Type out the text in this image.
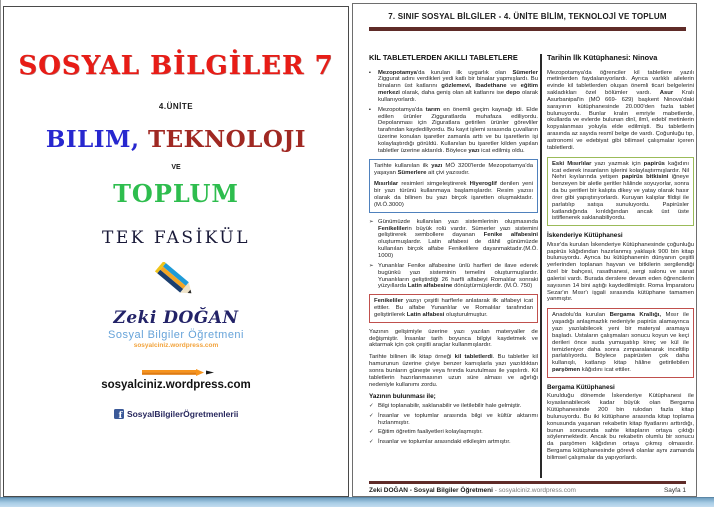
SOSYAL BİLGİLER 7
4.ÜNİTE
BILIM, TEKNOLOJI
VE
TOPLUM
TEK FASİKÜL
Zeki DOĞAN
Sosyal Bilgiler Öğretmeni
sosyalciniz.wordpress.com
sosyalciniz.wordpress.com
f SosyalBilgilerÖgretmenlerii
7. SINIF SOSYAL BİLGİLER - 4. ÜNİTE BİLİM, TEKNOLOJİ VE TOPLUM
KİL TABLETLERDEN AKILLI TABLETLERE
▪	Mezopotamya'da kurulan ilk uygarlık olan Sümerler Ziggurat adını verdikleri yedi katlı bir binalar yapmışlardı. Bu binaların üst katlarını gözlemevi, ibadethane ve eğitim merkezi olarak, daha geniş olan alt katlarını ise depo olarak kullanıyorlardı.
▪	Mezopotamya'da tarım en önemli geçim kaynağı idi. Elde edilen ürünler Zigguratlarda muhafaza ediliyordu. Depolanması için Ziguratlara getirilen ürünler görevliler tarafından kaydediliyordu. Bu kayıt işlemi sırasında çuvalların üzerine konulan işaretler zamanla arttı ve bu işaretlerin işi kolaylaştırdığı görüldü. Kullanılan bu işaretler kilden yapılan tabletler üzerine aktarıldı. Böylece yazı icat edilmiş oldu.

Tarihte kullanılan ilk yazı MÖ 3200'lerde Mezopotamya'da yaşayan Sümerlere ait çivi yazısıdır.

Mısırlılar resimleri simgeleştirerek Hiyeroglif denilen yeni bir yazı türünü kullanmaya başlamışlardır. Resim yazısı olarak da bilinen bu yazı birçok işaretten oluşmaktadır. (M.Ö.3000)

➢ Günümüzde kullanılan yazı sistemlerinin oluşmasında Fenikelilerin büyük rolü vardır. Sümerler yazı sistemini geliştirerek sembollere dayanan Fenike alfabesini oluşturmuşlardır. Latin alfabesi de dâhil günümüzde kullanılan birçok alfabe Fenikelilere dayanmaktadır.(M.Ö. 1000)
➢ Yunanlılar Fenike alfabesine ünlü harfleri de ilave ederek bugünkü yazı sisteminin temelini oluşturmuşlardır. Yunanlıların geliştirdiği 26 harfli alfabeyi Romalılar sonraki yüzyıllarda Latin alfabesine dönüştürmüşlerdir. (M.Ö. 750)

Fenikeliler yazıyı çeşitli harflerle anlatarak ilk alfabeyi icat ettiler. Bu alfabe Yunanlılar ve Romalılar tarafından geliştirilerek Latin alfabesi oluşturulmuştur.

Yazının gelişimiyle üzerine yazı yazılan materyaller de değişmiştir. İnsanlar tarih boyunca bilgiyi kaydetmek ve aktarmak için çok çeşitli araçlar kullanmışlardır.

Tarihte bilinen ilk kitap örneği kil tabletlerdi. Bu tabletler kil hamurunun üzerine çiviye benzer kamışlarla yazı yazıldıktan sonra bunların güneşte veya fırında kurutulması ile yapılırdı. Kil tabletlerin hazırlanmasının uzun süre alması ve ağırlığı nedeniyle kullanımı zordu.

Yazının bulunması ile;
✓ Bilgi toplanabilir, saklanabilir ve iletilebilir hale gelmiştir.
✓ İnsanlar ve toplumlar arasında bilgi ve kültür aktarımı hızlanmıştır.
✓ Eğitim öğretim faaliyetleri kolaylaşmıştır.
✓ İnsanlar ve toplumlar arasındaki etkileşim artmıştır.
Tarihin İlk Kütüphanesi: Ninova

Mezopotamya'da öğrenciler kil tabletlere yazılı metinlerden faydalanıyorlardı. Ayrıca varlıklı ailelerin evinde kil tabletlerden oluşan önemli ticari belgelerini sakladıkları özel bölümler vardı. Asur Kralı Asurbanipal'in (MÖ 669- 629) başkent Ninova'daki sarayının kütüphanesinde 20.000'den fazla tablet bulunuyordu. Bunlar kralın emriyle mabetlerde, okullarda ve evlerde bulunan dinî, ilmî, edebî metinlerin kopyalanması yoluyla elde edilmişti. Bu tabletlerin arasında az sayıda resmî belge de vardı. Çoğunluğu tıp, astronomi ve edebiyat gibi bilimsel çalışmalar içeren tabletlerdi.

Eski Mısırlılar yazı yazmak için papirüs kağıdını icat ederek insanların işlerini kolaylaştırmışlardır. Nil Nehri kıyılarında yetişen papirüs bitkisini iğneye benzeyen bir aletle şeritler hâlinde soyuyorlar, sonra da bu şeritleri bir kalıpta dikey ve yatay olarak hasır örer gibi yapıştırıyorlardı. Kuruyan kalıplar fildişi ile parlatılıp satışa sunuluyordu. Papirüsler katlandığında kırıldığından ancak üst üste istiflenerek saklanabiliyordu.

İskenderiye Kütüphanesi

Mısır'da kurulan İskenderiye Kütüphanesinde çoğunluğu papirüs kâğıdından hazırlanmış yaklaşık 900 bin kitap bulunuyordu. Ayrıca bu kütüphanenin dünyanın çeşitli yerlerinden toplanan hayvan ve bitkilerin sergilendiği özel bir bahçesi, rasathanesi, sergi salonu ve sanat galerisi vardı. Burada derslere devam eden öğrencilerin sayısının 14 bini aştığı kaydedilmiştir. Roma İmparatoru Sezar'ın Mısır'ı işgali sırasında kütüphane tamamen yanmıştır.

Anadolu'da kurulan Bergama Krallığı, Mısır ile yaşadığı anlaşmazlık nedeniyle papirüs alamayınca yazı yazılabilecek yeni bir materyal aramaya başladı. Ustaların çalışmaları sonucu koyun ve keçi derileri önce suda yumuşatılıp kireç ve kül ile temizleniyor daha sonra zımparalanarak inceltilip parlatılıyordu. Böylece papirüsten çok daha kullanışlı, katlanıp kitap hâline getirilebilen parşömen kâğıdını icat ettiler.

Bergama Kütüphanesi

Kurulduğu dönemde İskenderiye Kütüphanesi ile kıyaslanabilecek kadar büyük olan Bergama Kütüphanesinde 200 bin rulodan fazla kitap bulunuyordu. Bu iki kütüphane arasında kitap toplama konusunda yaşanan rekabetin kitap fiyatlarını arttırdığı, bunun sonucunda sahte kitapların ortaya çıktığı söylenmektedir. Ancak bu rekabetin olumlu bir sonucu da parşömen kâğıdının ortaya çıkmış olmasıdır. Bergama kütüphanesinde görevli olanlar aynı zamanda bilimsel çalışmalar da yapıyorlardı.

Zeki DOĞAN - Sosyal Bilgiler Öğretmeni - sosyalciniz.wordpress.com	Sayfa 1
